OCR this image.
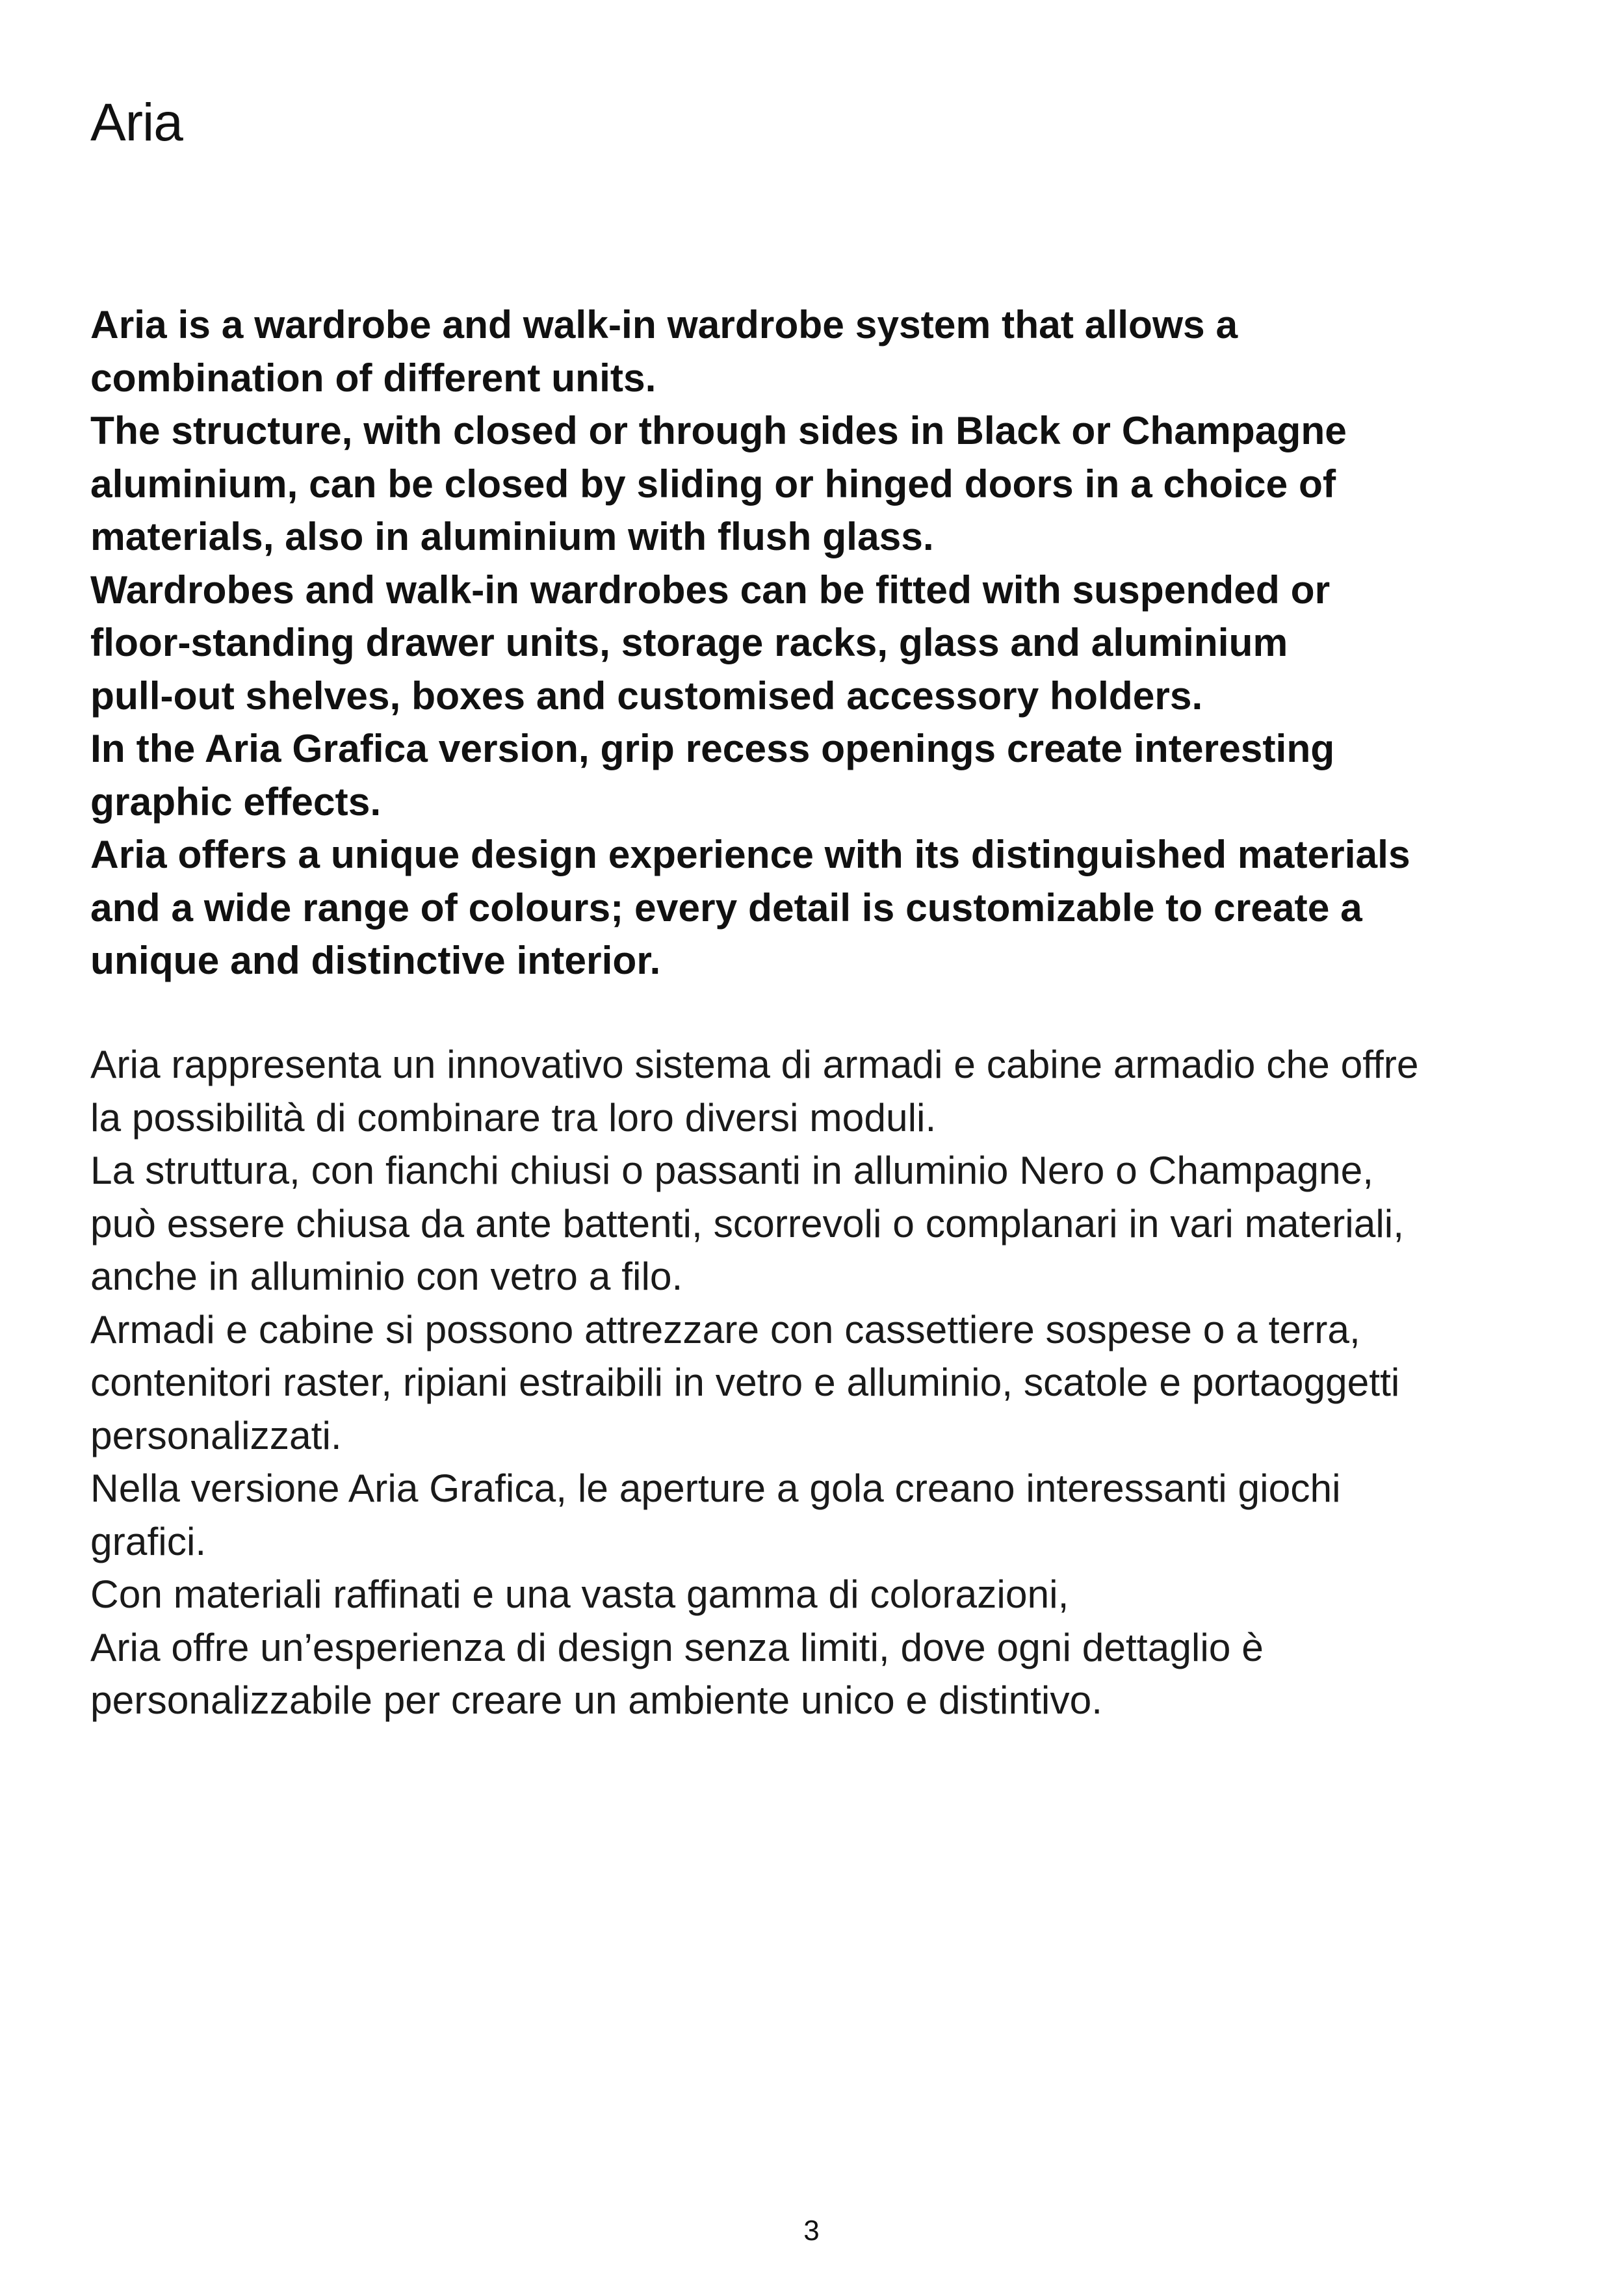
Aria

Aria is a wardrobe and walk-in wardrobe system that allows a

combination of different units.

The structure, with closed or through sides in Black or Champagne

aluminium, can be closed by sliding or hinged doors in a choice of

materials, also in aluminium with flush glass.

Wardrobes and walk-in wardrobes can be fitted with suspended or

floor-standing drawer units, storage racks, glass and aluminium

pull-out shelves, boxes and customised accessory holders.

In the Aria Grafica version, grip recess openings create interesting

graphic effects.

Aria offers a unique design experience with its distinguished materials

and a wide range of colours; every detail is customizable to create a

unique and distinctive interior.

Aria rappresenta un innovativo sistema di armadi e cabine armadio che offre

la possibilità di combinare tra loro diversi moduli.

La struttura, con fianchi chiusi o passanti in alluminio Nero o Champagne,

può essere chiusa da ante battenti, scorrevoli o complanari in vari materiali,

anche in alluminio con vetro a filo.

Armadi e cabine si possono attrezzare con cassettiere sospese o a terra,

contenitori raster, ripiani estraibili in vetro e alluminio, scatole e portaoggetti

personalizzati.

Nella versione Aria Grafica, le aperture a gola creano interessanti giochi

grafici.

Con materiali raffinati e una vasta gamma di colorazioni,

Aria offre un’esperienza di design senza limiti, dove ogni dettaglio è

personalizzabile per creare un ambiente unico e distintivo.

3
